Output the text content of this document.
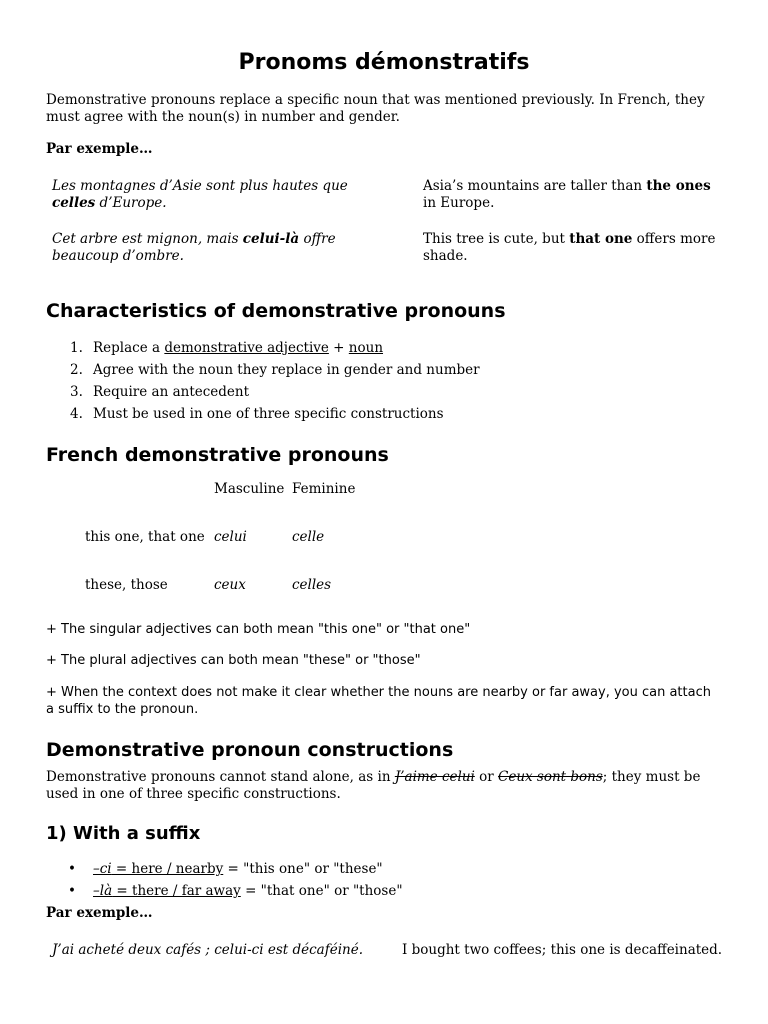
Pronoms démonstratifs

Demonstrative pronouns replace a specific noun that was mentioned previously. In French, they must agree with the noun(s) in number and gender.

Par exemple…
Les montagnes d’Asie sont plus hautes que celles d’Europe.
Asia’s mountains are taller than the ones in Europe.
Cet arbre est mignon, mais celui-là offre beaucoup d’ombre.
This tree is cute, but that one offers more shade.
Characteristics of demonstrative pronouns
1. Replace a demonstrative adjective + noun
2. Agree with the noun they replace in gender and number
3. Require an antecedent
4. Must be used in one of three specific constructions
French demonstrative pronouns
Masculine Feminine
this one, that one celui	celle
these, those	ceux	celles

+ The singular adjectives can both mean "this one" or "that one"

+ The plural adjectives can both mean "these" or "those"

+ When the context does not make it clear whether the nouns are nearby or far away, you can attach a suffix to the pronoun.

Demonstrative pronoun constructions

Demonstrative pronouns cannot stand alone, as in J’aime celui or Ceux sont bons; they must be used in one of three specific constructions.

1) With a suffix
• –ci = here / nearby = "this one" or "these"
• –là = there / far away = "that one" or "those"
Par exemple…
J’ai acheté deux cafés ; celui-ci est décaféiné.	I bought two coffees; this one is decaffeinated.
